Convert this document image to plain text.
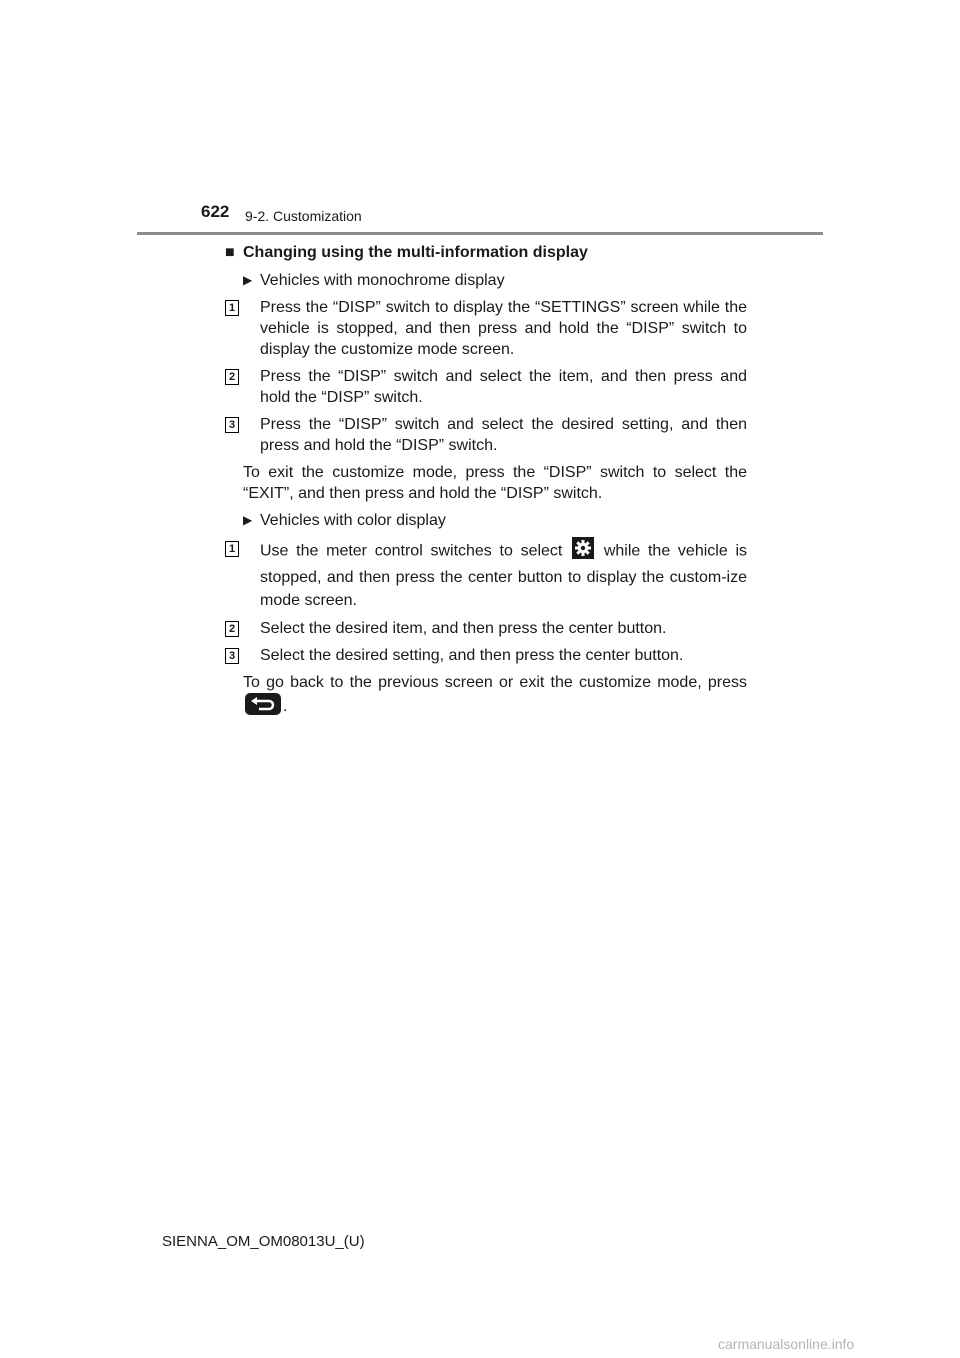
622 9-2. Customization
■ Changing using the multi-information display
▶ Vehicles with monochrome display
1 Press the “DISP” switch to display the “SETTINGS” screen while the vehicle is stopped, and then press and hold the “DISP” switch to display the customize mode screen.
2 Press the “DISP” switch and select the item, and then press and hold the “DISP” switch.
3 Press the “DISP” switch and select the desired setting, and then press and hold the “DISP” switch.
To exit the customize mode, press the “DISP” switch to select the “EXIT”, and then press and hold the “DISP” switch.
▶ Vehicles with color display
1 Use the meter control switches to select	while the vehicle is stopped, and then press the center button to display the custom-ize mode screen.
2 Select the desired item, and then press the center button.
3 Select the desired setting, and then press the center button.
To go back to the previous screen or exit the customize mode, press .
SIENNA_OM_OM08013U_(U)
carmanualsonline.info
